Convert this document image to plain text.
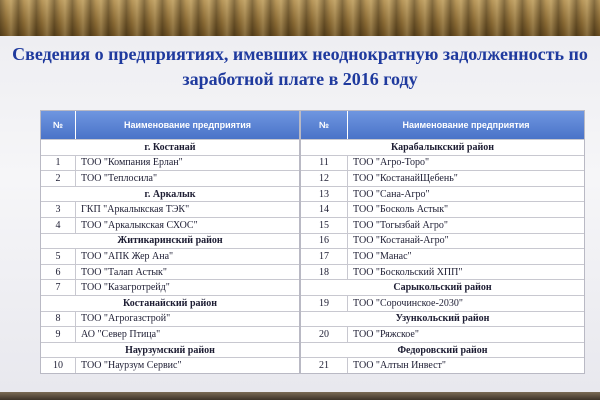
Сведения о предприятиях, имевших неоднократную задолженность по заработной плате в 2016 году
№	Наименование предприятия
г. Костанай
1	ТОО "Компания Ерлан"
2	ТОО "Теплосила"
г. Аркалык
3	ГКП "Аркалыкская ТЭК"
4	ТОО "Аркалыкская СХОС"
Житикаринский район
5	ТОО "АПК Жер Ана"
6	ТОО "Талап Астык"
7	ТОО "Казагротрейд"
Костанайский район
8	ТОО "Агрогазстрой"
9	АО "Север Птица"
Наурзумский район
10	ТОО "Наурзум Сервис"
№	Наименование предприятия
Карабалыкский район
11	ТОО "Агро-Торо"
12	ТОО "КостанайЩебень"
13	ТОО "Сана-Агро"
14	ТОО "Босколь Астык"
15	ТОО "Тогызбай Агро"
16	ТОО "Костанай-Агро"
17	ТОО "Манас"
18	ТОО "Боскольский ХПП"
Сарыкольский район
19	ТОО "Сорочинское-2030"
Узункольский район
20	ТОО "Ряжское"
Федоровский район
21	ТОО "Алтын Инвест"
